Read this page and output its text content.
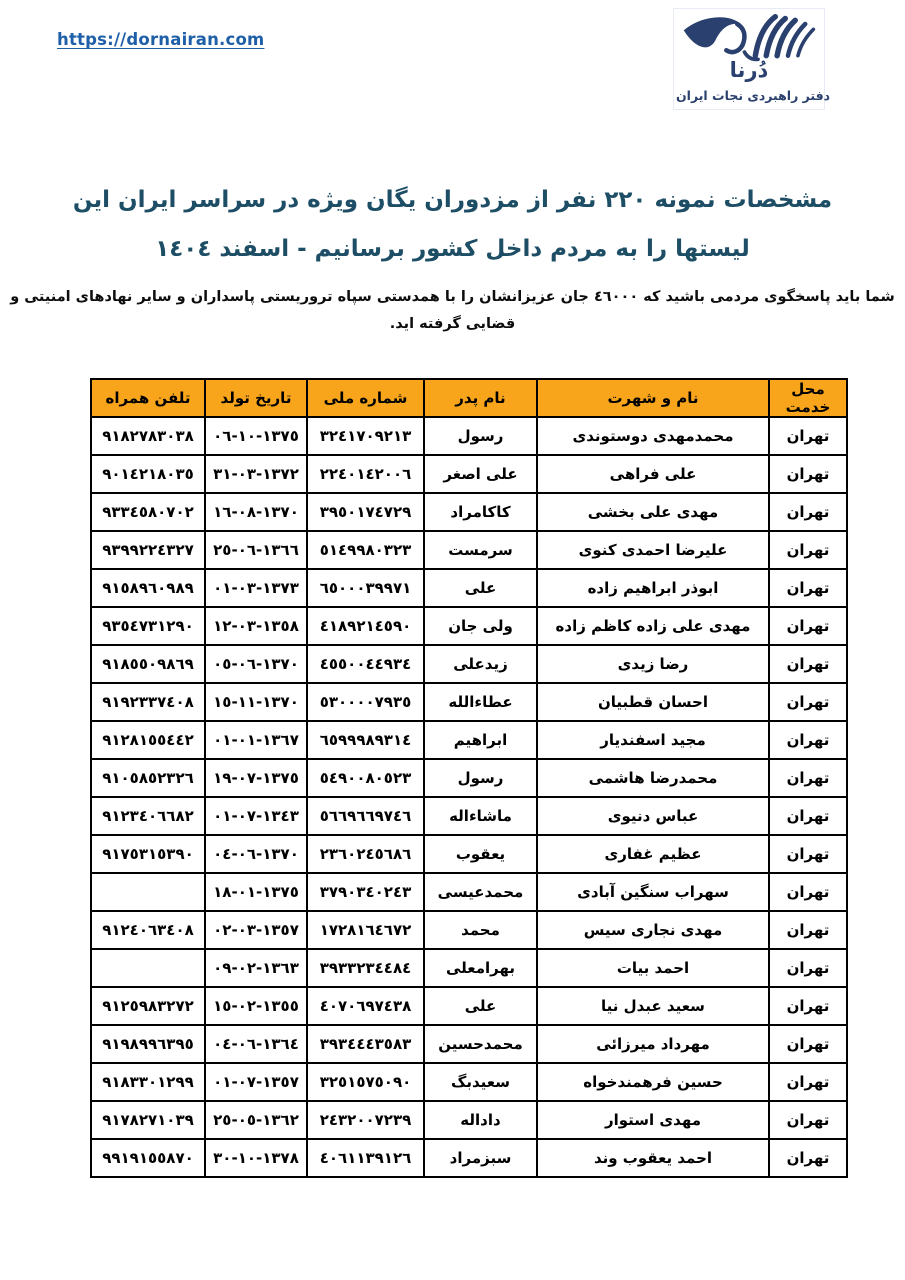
https://dornairan.com
دُرنا
دفتر راهبردی نجات ایران
مشخصات نمونه ٢٢٠ نفر از مزدوران یگان ویژه در سراسر ایران این
لیستها را به مردم داخل کشور برسانیم - اسفند ١٤٠٤
شما باید پاسخگوی مردمی باشید که ٤٦٠٠٠ جان عزیزانشان را با همدستی سپاه تروریستی پاسداران و سایر نهادهای امنیتی و
قضایی گرفته اید.
محل خدمت	نام و شهرت	نام پدر	شماره ملی	تاریخ تولد	تلفن همراه
تهران	محمدمهدی دوستوندی	رسول	٣٢٤١٧٠٩٢١٣	١٣٧٥-١٠-٠٦	٩١٨٢٧٨٣٠٣٨
تهران	علی فراهی	علی اصغر	٢٢٤٠١٤٢٠٠٦	١٣٧٢-٠٣-٣١	٩٠١٤٢١٨٠٣٥
تهران	مهدی علی بخشی	کاکامراد	٣٩٥٠١٧٤٧٢٩	١٣٧٠-٠٨-١٦	٩٣٣٤٥٨٠٧٠٢
تهران	علیرضا احمدی کنوی	سرمست	٥١٤٩٩٨٠٣٢٣	١٣٦٦-٠٦-٢٥	٩٣٩٩٢٢٤٣٢٧
تهران	ابوذر ابراهیم زاده	علی	٦٥٠٠٠٣٩٩٧١	١٣٧٣-٠٣-٠١	٩١٥٨٩٦٠٩٨٩
تهران	مهدی علی زاده کاظم زاده	ولی جان	٤١٨٩٢١٤٥٩٠	١٣٥٨-٠٣-١٢	٩٣٥٤٧٣١٢٩٠
تهران	رضا زیدی	زیدعلی	٤٥٥٠٠٤٤٩٣٤	١٣٧٠-٠٦-٠٥	٩١٨٥٥٠٩٨٦٩
تهران	احسان قطبیان	عطاءالله	٥٣٠٠٠٠٧٩٣٥	١٣٧٠-١١-١٥	٩١٩٢٣٣٧٤٠٨
تهران	مجید اسفندیار	ابراهیم	٦٥٩٩٩٨٩٣١٤	١٣٦٧-٠١-٠١	٩١٢٨١٥٥٤٤٢
تهران	محمدرضا هاشمی	رسول	٥٤٩٠٠٨٠٥٢٣	١٣٧٥-٠٧-١٩	٩١٠٥٨٥٢٣٢٦
تهران	عباس دنیوی	ماشاءاله	٥٦٦٩٦٦٩٧٤٦	١٣٤٣-٠٧-٠١	٩١٢٣٤٠٦٦٨٢
تهران	عظیم غفاری	یعقوب	٢٣٦٠٢٤٥٦٨٦	١٣٧٠-٠٦-٠٤	٩١٧٥٣١٥٣٩٠
تهران	سهراب سنگین آبادی	محمدعیسی	٣٧٩٠٣٤٠٢٤٣	١٣٧٥-٠١-١٨	
تهران	مهدی نجاری سیس	محمد	١٧٢٨١٦٤٦٧٢	١٣٥٧-٠٣-٠٢	٩١٢٤٠٦٣٤٠٨
تهران	احمد بیات	بهرامعلی	٣٩٣٣٢٣٤٤٨٤	١٣٦٣-٠٢-٠٩	
تهران	سعید عبدل نیا	علی	٤٠٧٠٦٩٧٤٣٨	١٣٥٥-٠٢-١٥	٩١٢٥٩٨٣٢٧٢
تهران	مهرداد میرزائی	محمدحسین	٣٩٣٤٤٤٣٥٨٣	١٣٦٤-٠٦-٠٤	٩١٩٨٩٩٦٣٩٥
تهران	حسین فرهمندخواه	سعیدبگ	٣٢٥١٥٧٥٠٩٠	١٣٥٧-٠٧-٠١	٩١٨٣٣٠١٢٩٩
تهران	مهدی استوار	داداله	٢٤٣٢٠٠٧٢٣٩	١٣٦٢-٠٥-٢٥	٩١٧٨٢٧١٠٣٩
تهران	احمد یعقوب وند	سبزمراد	٤٠٦١١٣٩١٢٦	١٣٧٨-١٠-٣٠	٩٩١٩١٥٥٨٧٠
